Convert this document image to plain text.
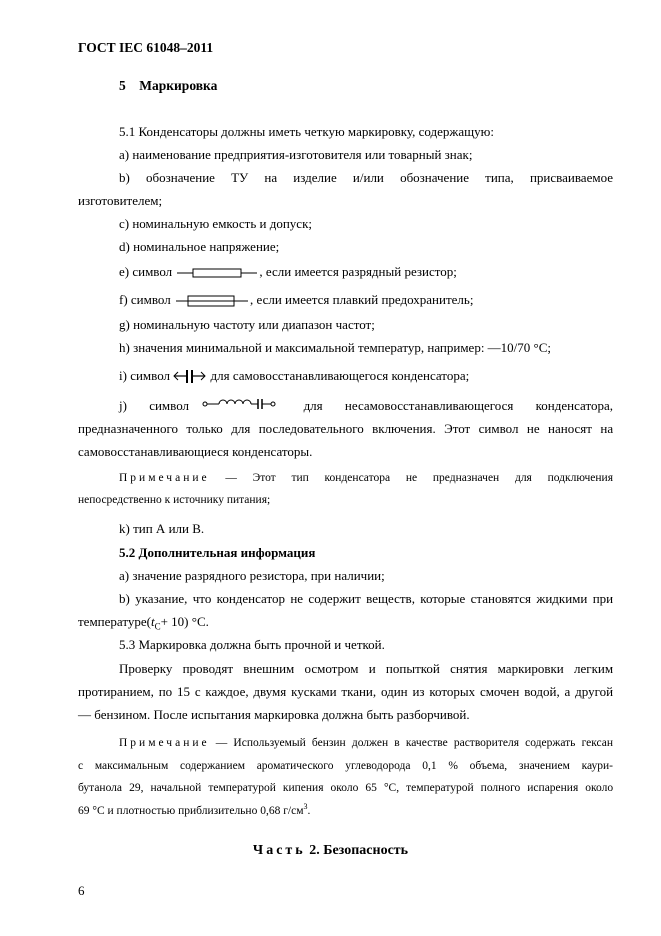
ГОСТ IEC 61048–2011
5 Маркировка
5.1 Конденсаторы должны иметь четкую маркировку, содержащую:
a) наименование предприятия-изготовителя или товарный знак;
b) обозначение ТУ на изделие и/или обозначение типа, присваиваемое
изготовителем;
c) номинальную емкость и допуск;
d) номинальное напряжение;
e) символ	, если имеется разрядный резистор;
f) символ	, если имеется плавкий предохранитель;
g) номинальную частоту или диапазон частот;
h) значения минимальной и максимальной температур, например: —10/70 °C;
i) символ	для самовосстанавливающегося конденсатора;
j) символ	для несамовосстанавливающегося конденсатора,
предназначенного только для последовательного включения. Этот символ не наносят на
самовосстанавливающиеся конденсаторы.
Примечание — Этот тип конденсатора не предназначен для подключения
непосредственно к источнику питания;
k) тип А или В.
5.2 Дополнительная информация
a) значение разрядного резистора, при наличии;
b) указание, что конденсатор не содержит веществ, которые становятся жидкими при
$температуре(t_C+ 10)$ °C.
5.3 Маркировка должна быть прочной и четкой.
Проверку проводят внешним осмотром и попыткой снятия маркировки легким
протиранием, по 15 с каждое, двумя кусками ткани, один из которых смочен водой, а другой
— бензином. После испытания маркировка должна быть разборчивой.
Примечание — Используемый бензин должен в качестве растворителя содержать гексан
с максимальным содержанием ароматического углеводорода 0,1 % объема, значением каури-
бутанола 29, начальной температурой кипения около 65 °C, температурой полного испарения около
69 °C и плотностью приблизительно 0,68 $г/см^3$.
Часть 2. Безопасность
6
